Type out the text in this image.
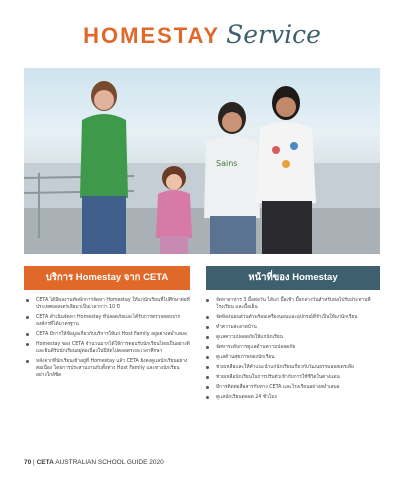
HOMESTAY Service
Sains
บริการ Homestay จาก CETA	หน้าที่ของ Homestay
CETA ได้มีผลงานทัพพักการจัดหา Homestay ให้แก่นักเรียนที่ไปศึกษาต่อที่ประเทศออสเตรเลียมาเป็นเวลากว่า 10 ปี
CETA ดำเนินจัดหา Homestay ที่ปลอดภัยและได้รับการตรวจสอบจากองค์กรที่ได้มาตรฐาน
CETA มีการให้ข้อมูลเกี่ยวกับบริการให้แก่ Host Family อยู่อย่างสม่ำเสมอ
Homestay ของ CETA จำนวนมากได้ให้การตอบรับนักเรียนไทยเป็นอย่างดีและยินดีรับนักเรียนอยู่ต่อเนื่องในปีถัดไปตลอดระยะเวลาศึกษา
หลังจากที่นักเรียนเข้าอยู่ที่ Homestay แล้ว CETA ยังคงดูแลนักเรียนอย่างต่อเนื่อง โดยการประสานงานกับทั้งทาง Host Family และทางนักเรียนอย่างใกล้ชิด
จัดหาอาหาร 3 มื้อต่อวัน ได้แก่ มื้อเช้า มื้อกลางวันสำหรับห่อไปรับประทานที่โรงเรียน และมื้อเย็น
จัดห้องนอนส่วนตัวพร้อมเครื่องนอนและอุปกรณ์ที่จำเป็นให้แก่นักเรียน
ทำความสะอาดบ้าน
ดูแลความปลอดภัยให้แก่นักเรียน
จัดหาระดับการดูแลด้านความปลอดภัย
ดูแลด้านสุขภาพของนักเรียน
ช่วยเหลือและให้คำแนะนำแก่นักเรียนเกี่ยวกับวัฒนธรรมออสเตรเลีย
ช่วยเหลือนักเรียนในการปรับตัวเข้ากับการใช้ชีวิตในต่างแดน
มีการติดต่อสื่อสารกับทาง CETA และโรงเรียนอย่างสม่ำเสมอ
ดูแลนักเรียนตลอด 24 ชั่วโมง
70 | CETA AUSTRALIAN SCHOOL GUIDE 2020
